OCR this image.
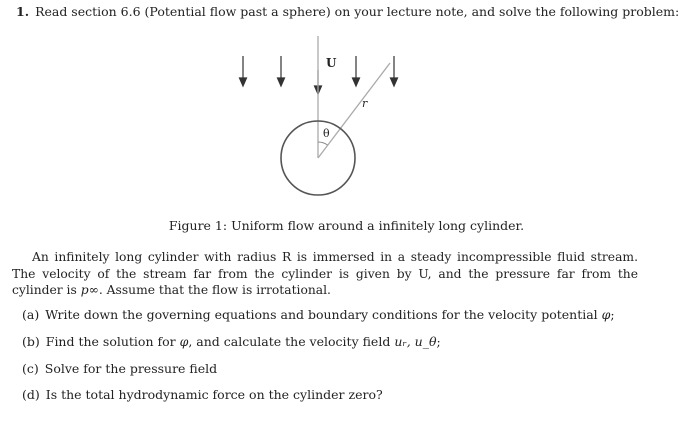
1. Read section 6.6 (Potential flow past a sphere) on your lecture note, and solve the following problem:
U
r
θ
Figure 1: Uniform flow around a infinitely long cylinder.
An infinitely long cylinder with radius R is immersed in a steady incompressible fluid stream. The velocity of the stream far from the cylinder is given by U, and the pressure far from the cylinder is p∞. Assume that the flow is irrotational.
(a) Write down the governing equations and boundary conditions for the velocity potential φ;
(b) Find the solution for φ, and calculate the velocity field uᵣ, u_θ;
(c) Solve for the pressure field
(d) Is the total hydrodynamic force on the cylinder zero?
